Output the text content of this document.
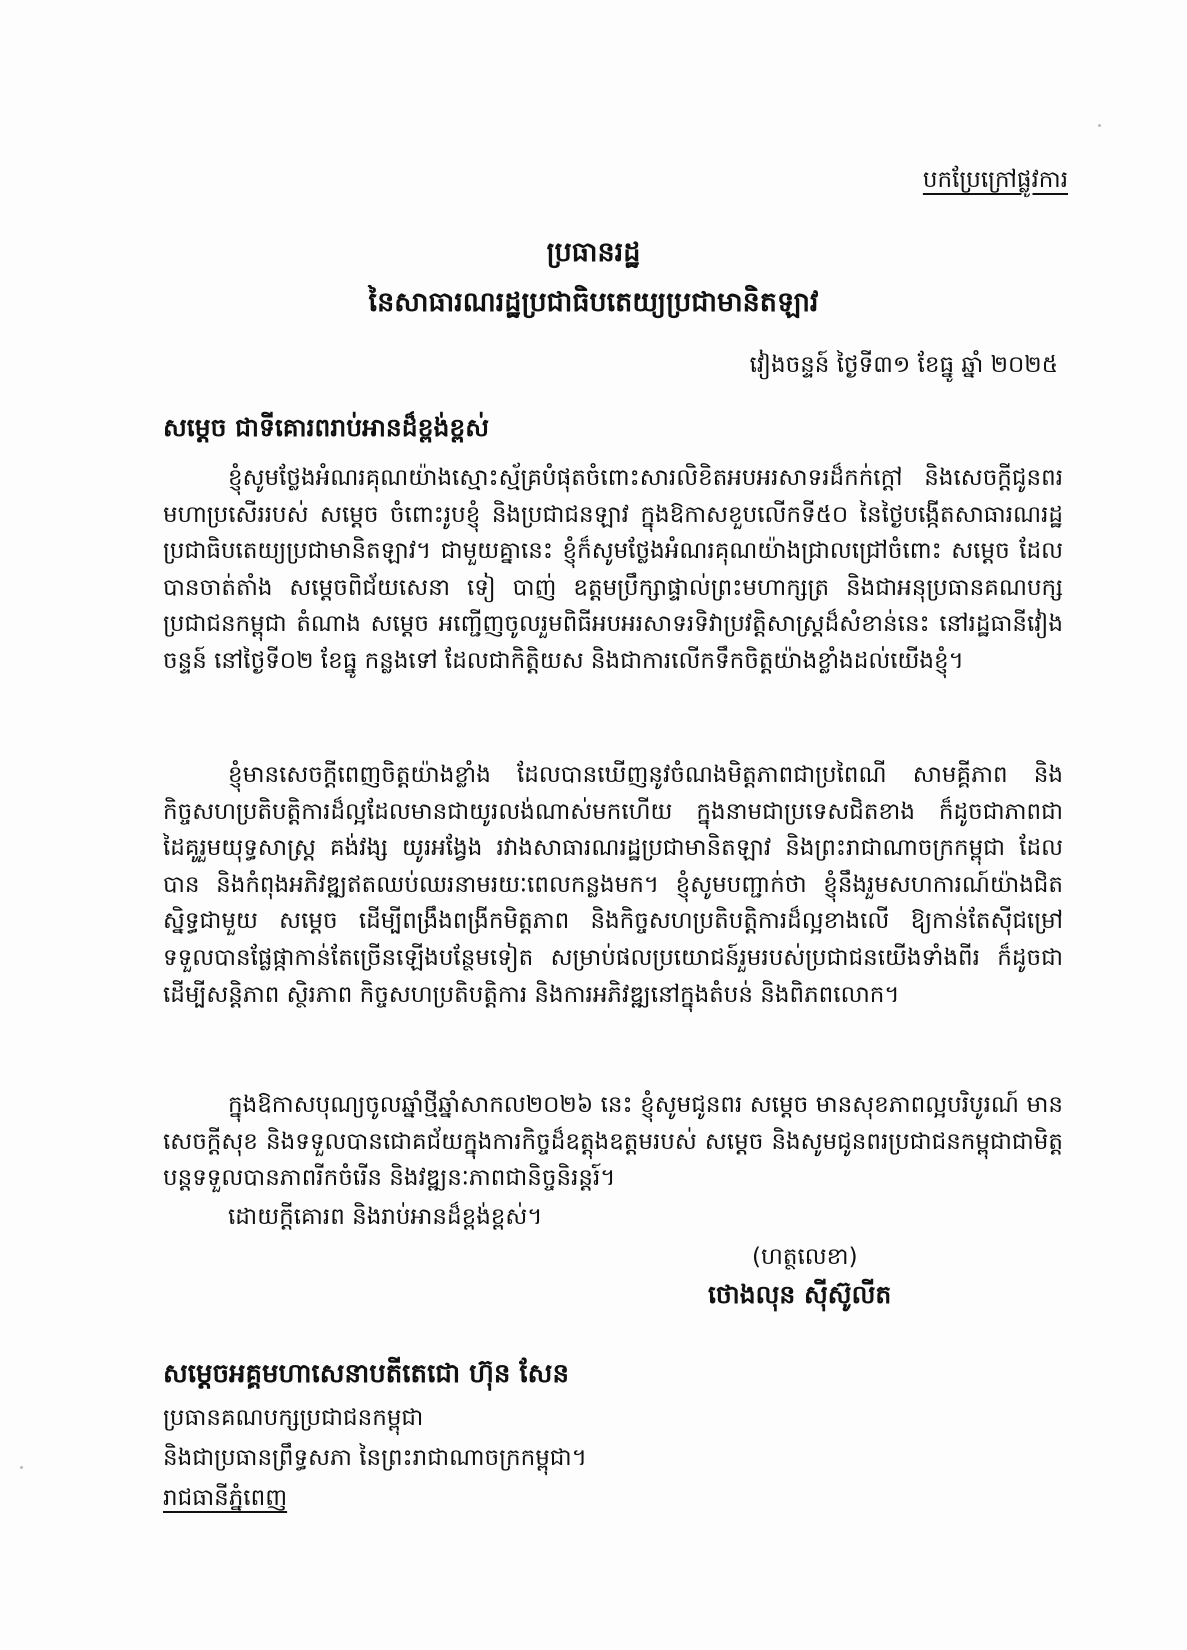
បកប្រែក្រៅផ្លូវការ
ប្រធានរដ្ឋ
នៃសាធារណរដ្ឋប្រជាធិបតេយ្យប្រជាមានិតឡាវ
វៀងចន្ទន៍ ថ្ងៃទី៣១ ខែធ្នូ ឆ្នាំ ២០២៥
សម្តេច ជាទីគោរពរាប់អានដ៏ខ្ពង់ខ្ពស់
ខ្ញុំសូមថ្លែងអំណរគុណយ៉ាងស្មោះស្ម័គ្របំផុតចំពោះសារលិខិតអបអរសាទរដ៏កក់ក្តៅ និងសេចក្តីជូនពរមហាប្រសើររបស់ សម្តេច ចំពោះរូបខ្ញុំ និងប្រជាជនឡាវ ក្នុងឱកាសខួបលើកទី៥០ នៃថ្ងៃបង្កើតសាធារណរដ្ឋប្រជាធិបតេយ្យប្រជាមានិតឡាវ។ ជាមួយគ្នានេះ ខ្ញុំក៏សូមថ្លែងអំណរគុណយ៉ាងជ្រាលជ្រៅចំពោះ សម្តេច ដែលបានចាត់តាំង សម្តេចពិជ័យសេនា ទៀ បាញ់ ឧត្តមប្រឹក្សាផ្ទាល់ព្រះមហាក្សត្រ និងជាអនុប្រធានគណបក្សប្រជាជនកម្ពុជា តំណាង សម្តេច អញ្ជើញចូលរួមពិធីអបអរសាទរទិវាប្រវត្តិសាស្ត្រដ៏សំខាន់នេះ នៅរដ្ឋធានីវៀងចន្ទន៍ នៅថ្ងៃទី០២ ខែធ្នូ កន្លងទៅ ដែលជាកិត្តិយស និងជាការលើកទឹកចិត្តយ៉ាងខ្លាំងដល់យើងខ្ញុំ។
ខ្ញុំមានសេចក្តីពេញចិត្តយ៉ាងខ្លាំង ដែលបានឃើញនូវចំណងមិត្តភាពជាប្រពៃណី សាមគ្គីភាព និងកិច្ចសហប្រតិបត្តិការដ៏ល្អដែលមានជាយូរលង់ណាស់មកហើយ ក្នុងនាមជាប្រទេសជិតខាង ក៏ដូចជាភាពជាដៃគូរួមយុទ្ធសាស្ត្រ គង់វង្ស យូរអង្វែង រវាងសាធារណរដ្ឋប្រជាមានិតឡាវ និងព្រះរាជាណាចក្រកម្ពុជា ដែលបាន និងកំពុងអភិវឌ្ឍឥតឈប់ឈរនាមរយៈពេលកន្លងមក។ ខ្ញុំសូមបញ្ជាក់ថា ខ្ញុំនឹងរួមសហការណ៍យ៉ាងជិតស្និទ្ធជាមួយ សម្តេច ដើម្បីពង្រឹងពង្រីកមិត្តភាព និងកិច្ចសហប្រតិបត្តិការដ៏ល្អខាងលើ ឱ្យកាន់តែស៊ីជម្រៅ ទទួលបានផ្លែផ្កាកាន់តែច្រើនឡើងបន្ថែមទៀត សម្រាប់ផលប្រយោជន៍រួមរបស់ប្រជាជនយើងទាំងពីរ ក៏ដូចជាដើម្បីសន្តិភាព ស្ថិរភាព កិច្ចសហប្រតិបត្តិការ និងការអភិវឌ្ឍនៅក្នុងតំបន់ និងពិភពលោក។
ក្នុងឱកាសបុណ្យចូលឆ្នាំថ្មីឆ្នាំសាកល២០២៦ នេះ ខ្ញុំសូមជូនពរ សម្តេច មានសុខភាពល្អបរិបូរណ៍ មានសេចក្តីសុខ និងទទួលបានជោគជ័យក្នុងការកិច្ចដ៏ឧត្តុងឧត្តមរបស់ សម្តេច និងសូមជូនពរប្រជាជនកម្ពុជាជាមិត្ត បន្តទទួលបានភាពរីកចំរើន និងវឌ្ឍនៈភាពជានិច្ចនិរន្តរ៍។
ដោយក្តីគោរព និងរាប់អានដ៏ខ្ពង់ខ្ពស់។
(ហត្ថលេខា)
ថោងលុន ស៊ីស៊ូលីត
សម្តេចអគ្គមហាសេនាបតីតេជោ ហ៊ុន សែន
ប្រធានគណបក្សប្រជាជនកម្ពុជា
និងជាប្រធានព្រឹទ្ធសភា នៃព្រះរាជាណាចក្រកម្ពុជា។
រាជធានីភ្នំពេញ
